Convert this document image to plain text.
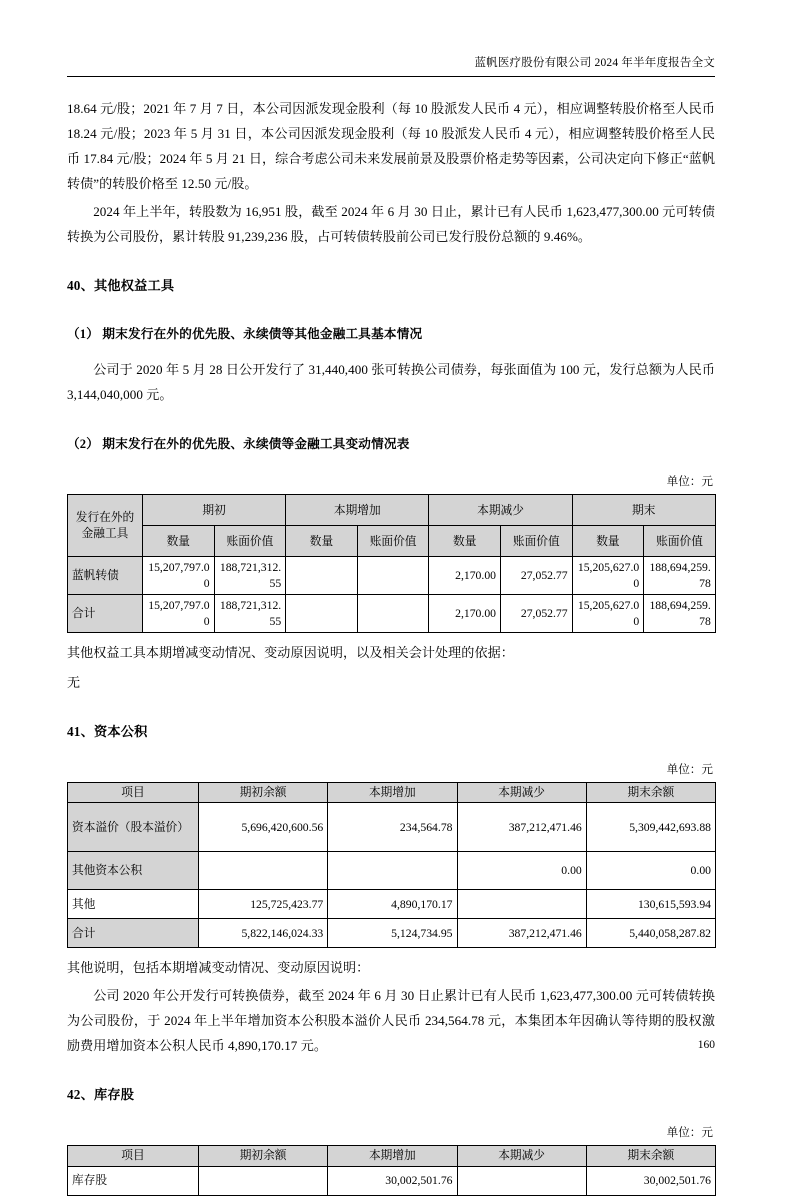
蓝帆医疗股份有限公司 2024 年半年度报告全文

18.64 元/股；2021 年 7 月 7 日，本公司因派发现金股利（每 10 股派发人民币 4 元），相应调整转股价格至人民币 18.24 元/股；2023 年 5 月 31 日，本公司因派发现金股利（每 10 股派发人民币 4 元），相应调整转股价格至人民币 17.84 元/股；2024 年 5 月 21 日，综合考虑公司未来发展前景及股票价格走势等因素，公司决定向下修正“蓝帆转债”的转股价格至 12.50 元/股。

2024 年上半年，转股数为 16,951 股，截至 2024 年 6 月 30 日止，累计已有人民币 1,623,477,300.00 元可转债转换为公司股份，累计转股 91,239,236 股，占可转债转股前公司已发行股份总额的 9.46%。

40、其他权益工具
（1） 期末发行在外的优先股、永续债等其他金融工具基本情况

公司于 2020 年 5 月 28 日公开发行了 31,440,400 张可转换公司债券，每张面值为 100 元，发行总额为人民币 3,144,040,000 元。

（2） 期末发行在外的优先股、永续债等金融工具变动情况表

单位：元

发行在外的金融工具	期初		本期增加		本期减少		期末	
	数量	账面价值	数量	账面价值	数量	账面价值	数量	账面价值
蓝帆转债	15,207,797.00	188,721,312.55			2,170.00	27,052.77	15,205,627.00	188,694,259.78
合计	15,207,797.00	188,721,312.55			2,170.00	27,052.77	15,205,627.00	188,694,259.78

其他权益工具本期增减变动情况、变动原因说明，以及相关会计处理的依据：

无

41、资本公积

单位：元

项目	期初余额	本期增加	本期减少	期末余额
资本溢价（股本溢价）	5,696,420,600.56	234,564.78	387,212,471.46	5,309,442,693.88
其他资本公积			0.00	0.00
其他	125,725,423.77	4,890,170.17		130,615,593.94
合计	5,822,146,024.33	5,124,734.95	387,212,471.46	5,440,058,287.82

其他说明，包括本期增减变动情况、变动原因说明：

公司 2020 年公开发行可转换债券，截至 2024 年 6 月 30 日止累计已有人民币 1,623,477,300.00 元可转债转换为公司股份，于 2024 年上半年增加资本公积股本溢价人民币 234,564.78 元，本集团本年因确认等待期的股权激励费用增加资本公积人民币 4,890,170.17 元。

42、库存股

单位：元

项目	期初余额	本期增加	本期减少	期末余额
库存股		30,002,501.76		30,002,501.76
160
